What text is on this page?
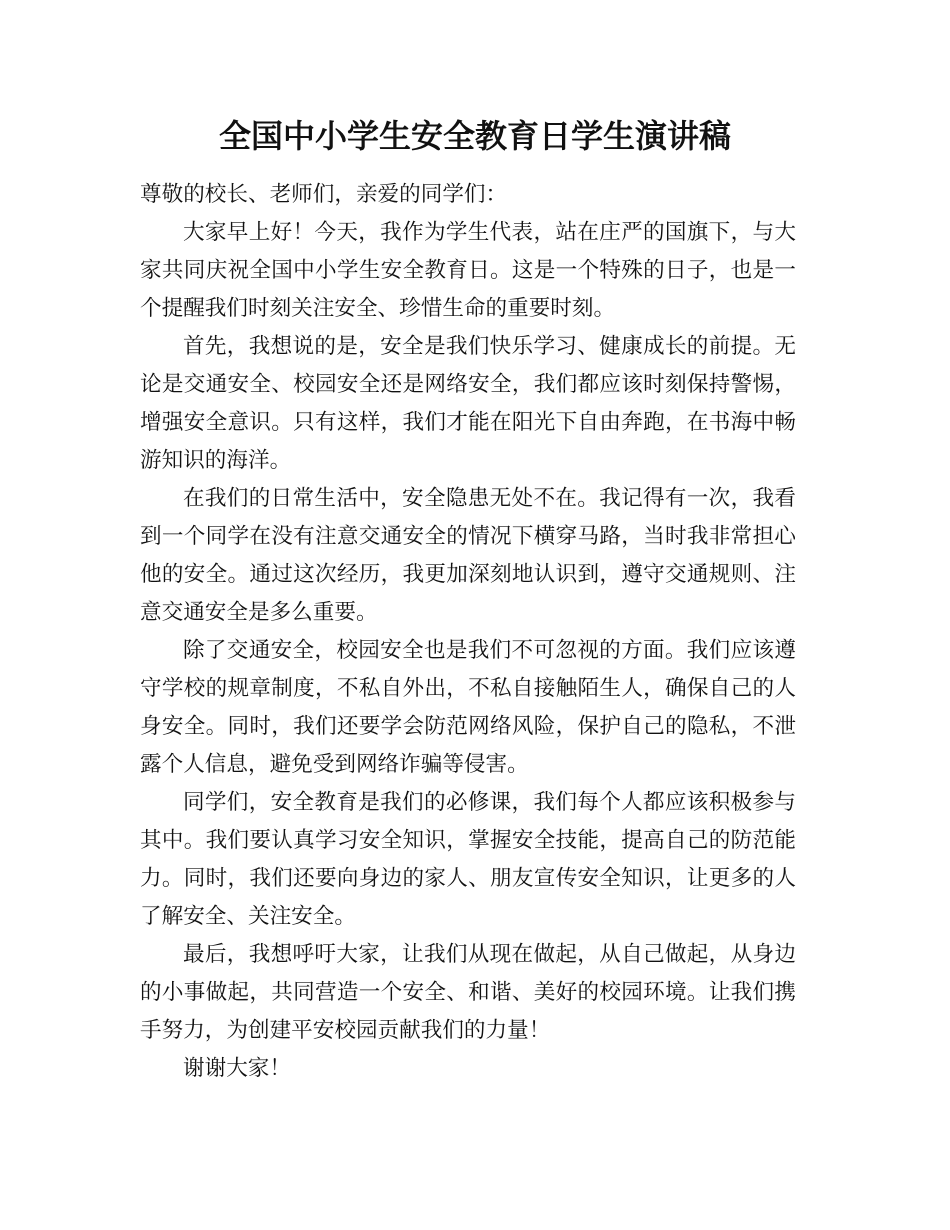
全国中小学生安全教育日学生演讲稿

尊敬的校长、老师们，亲爱的同学们：

大家早上好！今天，我作为学生代表，站在庄严的国旗下，与大家共同庆祝全国中小学生安全教育日。这是一个特殊的日子，也是一个提醒我们时刻关注安全、珍惜生命的重要时刻。

首先，我想说的是，安全是我们快乐学习、健康成长的前提。无论是交通安全、校园安全还是网络安全，我们都应该时刻保持警惕，增强安全意识。只有这样，我们才能在阳光下自由奔跑，在书海中畅游知识的海洋。

在我们的日常生活中，安全隐患无处不在。我记得有一次，我看到一个同学在没有注意交通安全的情况下横穿马路，当时我非常担心他的安全。通过这次经历，我更加深刻地认识到，遵守交通规则、注意交通安全是多么重要。

除了交通安全，校园安全也是我们不可忽视的方面。我们应该遵守学校的规章制度，不私自外出，不私自接触陌生人，确保自己的人身安全。同时，我们还要学会防范网络风险，保护自己的隐私，不泄露个人信息，避免受到网络诈骗等侵害。

同学们，安全教育是我们的必修课，我们每个人都应该积极参与其中。我们要认真学习安全知识，掌握安全技能，提高自己的防范能力。同时，我们还要向身边的家人、朋友宣传安全知识，让更多的人了解安全、关注安全。

最后，我想呼吁大家，让我们从现在做起，从自己做起，从身边的小事做起，共同营造一个安全、和谐、美好的校园环境。让我们携手努力，为创建平安校园贡献我们的力量！

谢谢大家！
